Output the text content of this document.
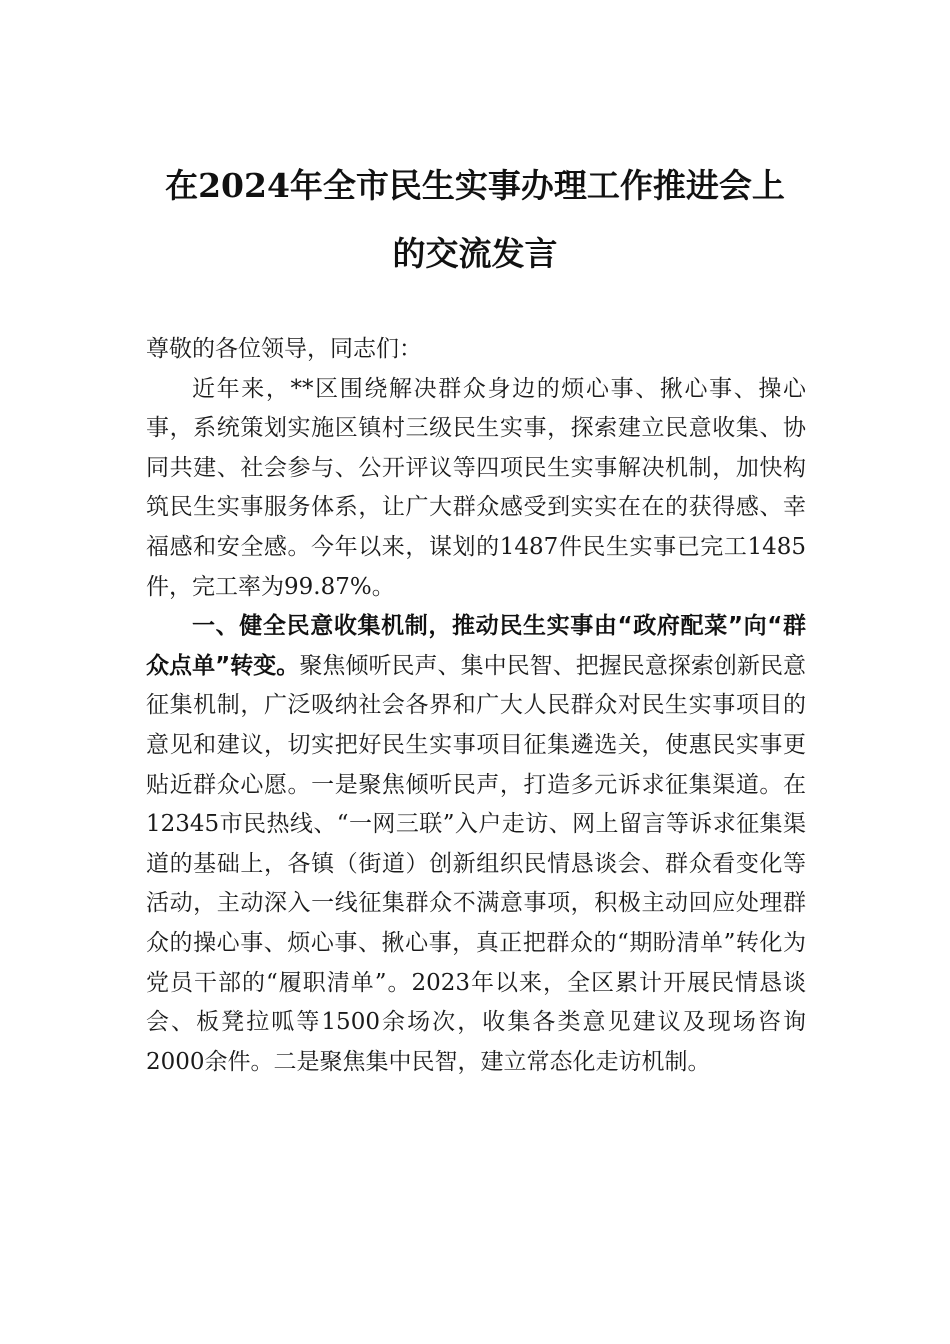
在2024年全市民生实事办理工作推进会上
的交流发言

尊敬的各位领导，同志们：

近年来，**区围绕解决群众身边的烦心事、揪心事、操心事，系统策划实施区镇村三级民生实事，探索建立民意收集、协同共建、社会参与、公开评议等四项民生实事解决机制，加快构筑民生实事服务体系，让广大群众感受到实实在在的获得感、幸福感和安全感。今年以来，谋划的1487件民生实事已完工1485件，完工率为99.87%。

一、健全民意收集机制，推动民生实事由“政府配菜”向“群众点单”转变。聚焦倾听民声、集中民智、把握民意探索创新民意征集机制，广泛吸纳社会各界和广大人民群众对民生实事项目的意见和建议，切实把好民生实事项目征集遴选关，使惠民实事更贴近群众心愿。一是聚焦倾听民声，打造多元诉求征集渠道。在12345市民热线、“一网三联”入户走访、网上留言等诉求征集渠道的基础上，各镇（街道）创新组织民情恳谈会、群众看变化等活动，主动深入一线征集群众不满意事项，积极主动回应处理群众的操心事、烦心事、揪心事，真正把群众的“期盼清单”转化为党员干部的“履职清单”。2023年以来，全区累计开展民情恳谈会、板凳拉呱等1500余场次，收集各类意见建议及现场咨询2000余件。二是聚焦集中民智，建立常态化走访机制。
